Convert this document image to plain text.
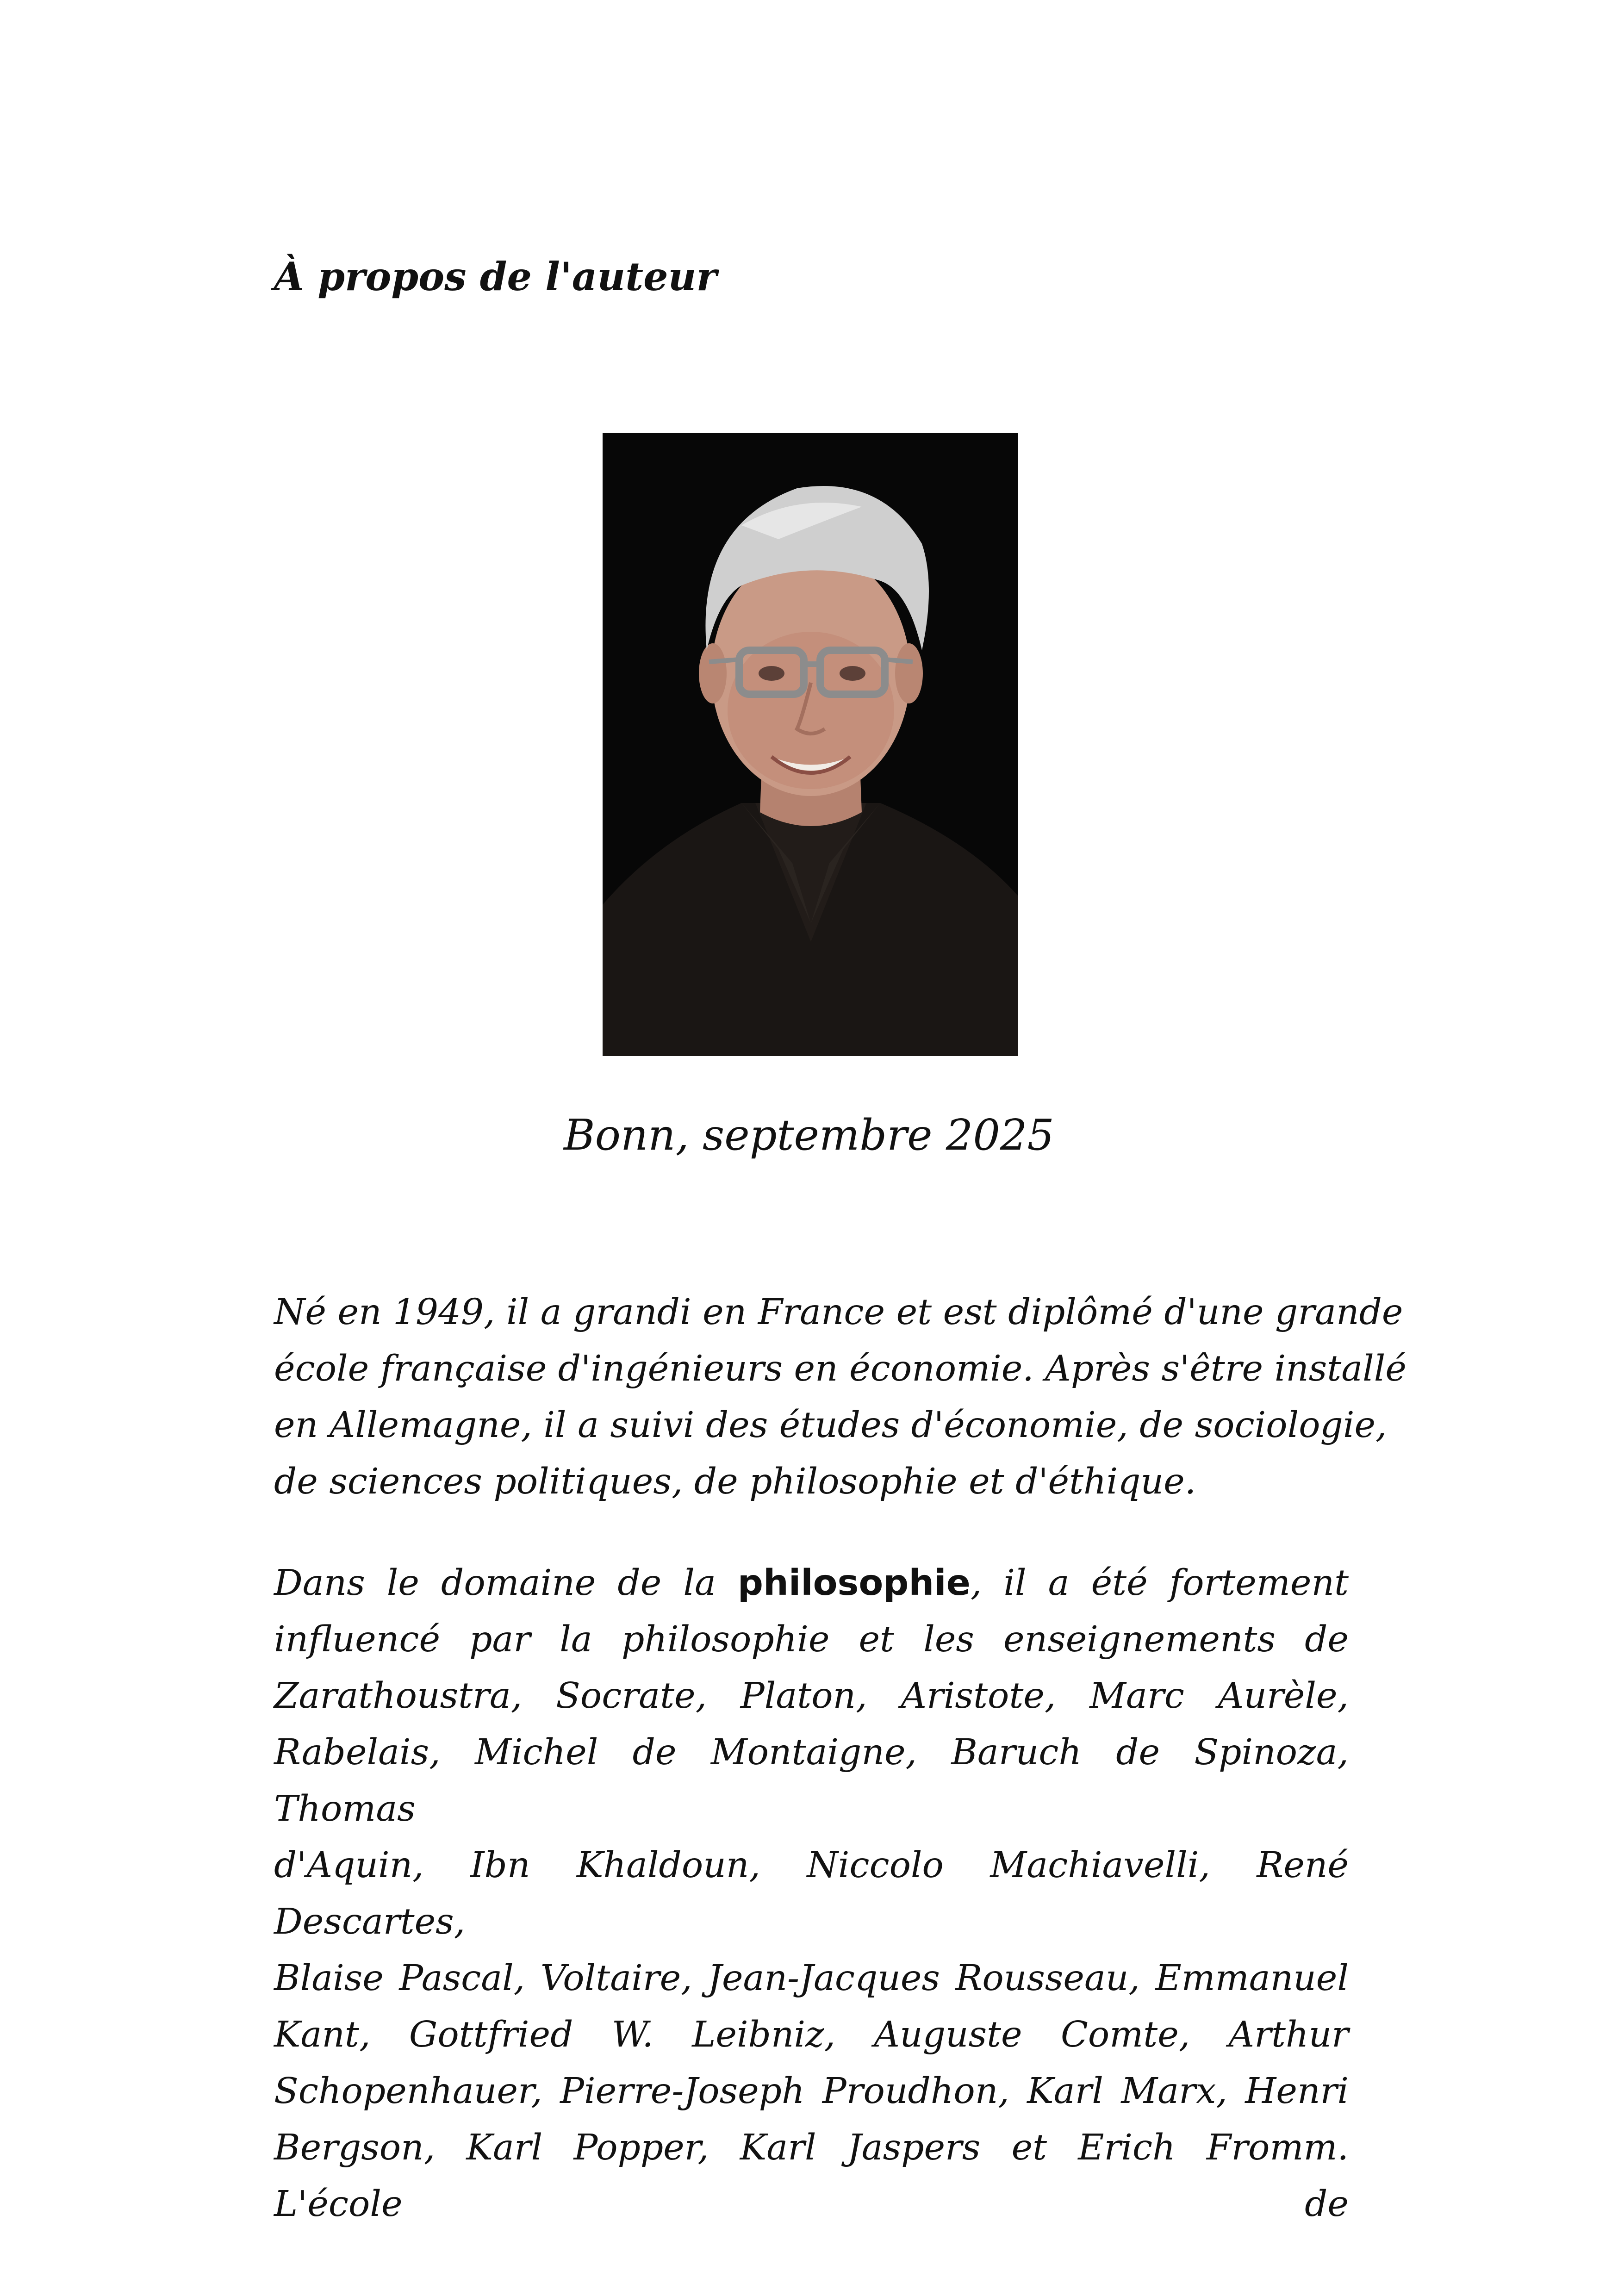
À propos de l'auteur
Bonn, septembre 2025
Né en 1949, il a grandi en France et est diplômé d'une grande
école française d'ingénieurs en économie. Après s'être installé
en Allemagne, il a suivi des études d'économie, de sociologie,
de sciences politiques, de philosophie et d'éthique.
Dans le domaine de la philosophie, il a été fortement
influencé par la philosophie et les enseignements de
Zarathoustra, Socrate, Platon, Aristote, Marc Aurèle,
Rabelais, Michel de Montaigne, Baruch de Spinoza, Thomas
d'Aquin, Ibn Khaldoun, Niccolo Machiavelli, René Descartes,
Blaise Pascal, Voltaire, Jean-Jacques Rousseau, Emmanuel
Kant, Gottfried W. Leibniz, Auguste Comte, Arthur
Schopenhauer, Pierre-Joseph Proudhon, Karl Marx, Henri
Bergson, Karl Popper, Karl Jaspers et Erich Fromm. L'école de
